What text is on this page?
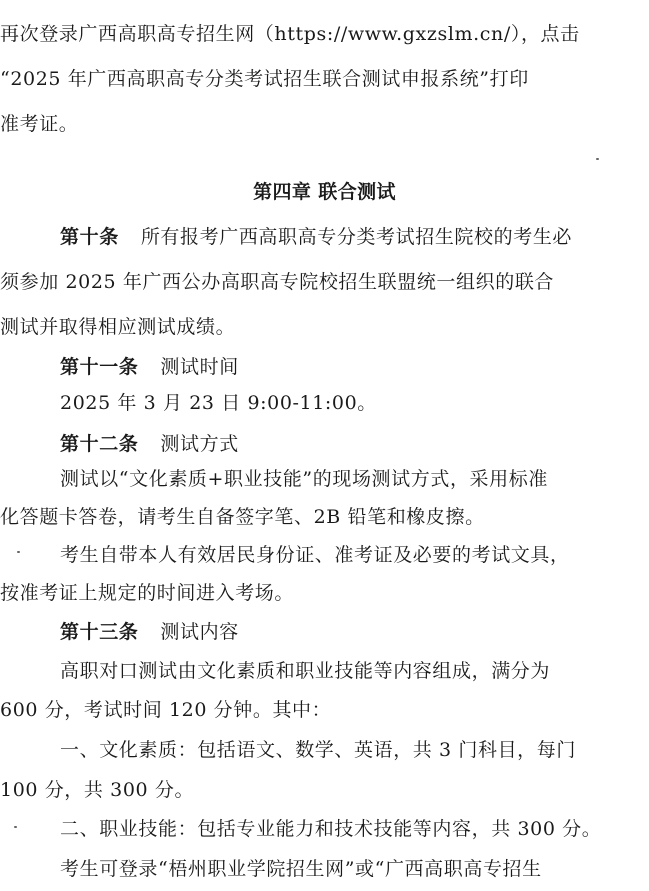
再次登录广西高职高专招生网（https://www.gxzslm.cn/），点击
“2025 年广西高职高专分类考试招生联合测试申报系统”打印
准考证。
第四章 联合测试
第十条 所有报考广西高职高专分类考试招生院校的考生必
须参加 2025 年广西公办高职高专院校招生联盟统一组织的联合
测试并取得相应测试成绩。
第十一条 测试时间
2025 年 3 月 23 日 9:00-11:00。
第十二条 测试方式
测试以“文化素质+职业技能”的现场测试方式，采用标准
化答题卡答卷，请考生自备签字笔、2B 铅笔和橡皮擦。
考生自带本人有效居民身份证、准考证及必要的考试文具，
按准考证上规定的时间进入考场。
第十三条 测试内容
高职对口测试由文化素质和职业技能等内容组成，满分为
600 分，考试时间 120 分钟。其中：
一、文化素质：包括语文、数学、英语，共 3 门科目，每门
100 分，共 300 分。
二、职业技能：包括专业能力和技术技能等内容，共 300 分。
考生可登录“梧州职业学院招生网”或“广西高职高专招生
